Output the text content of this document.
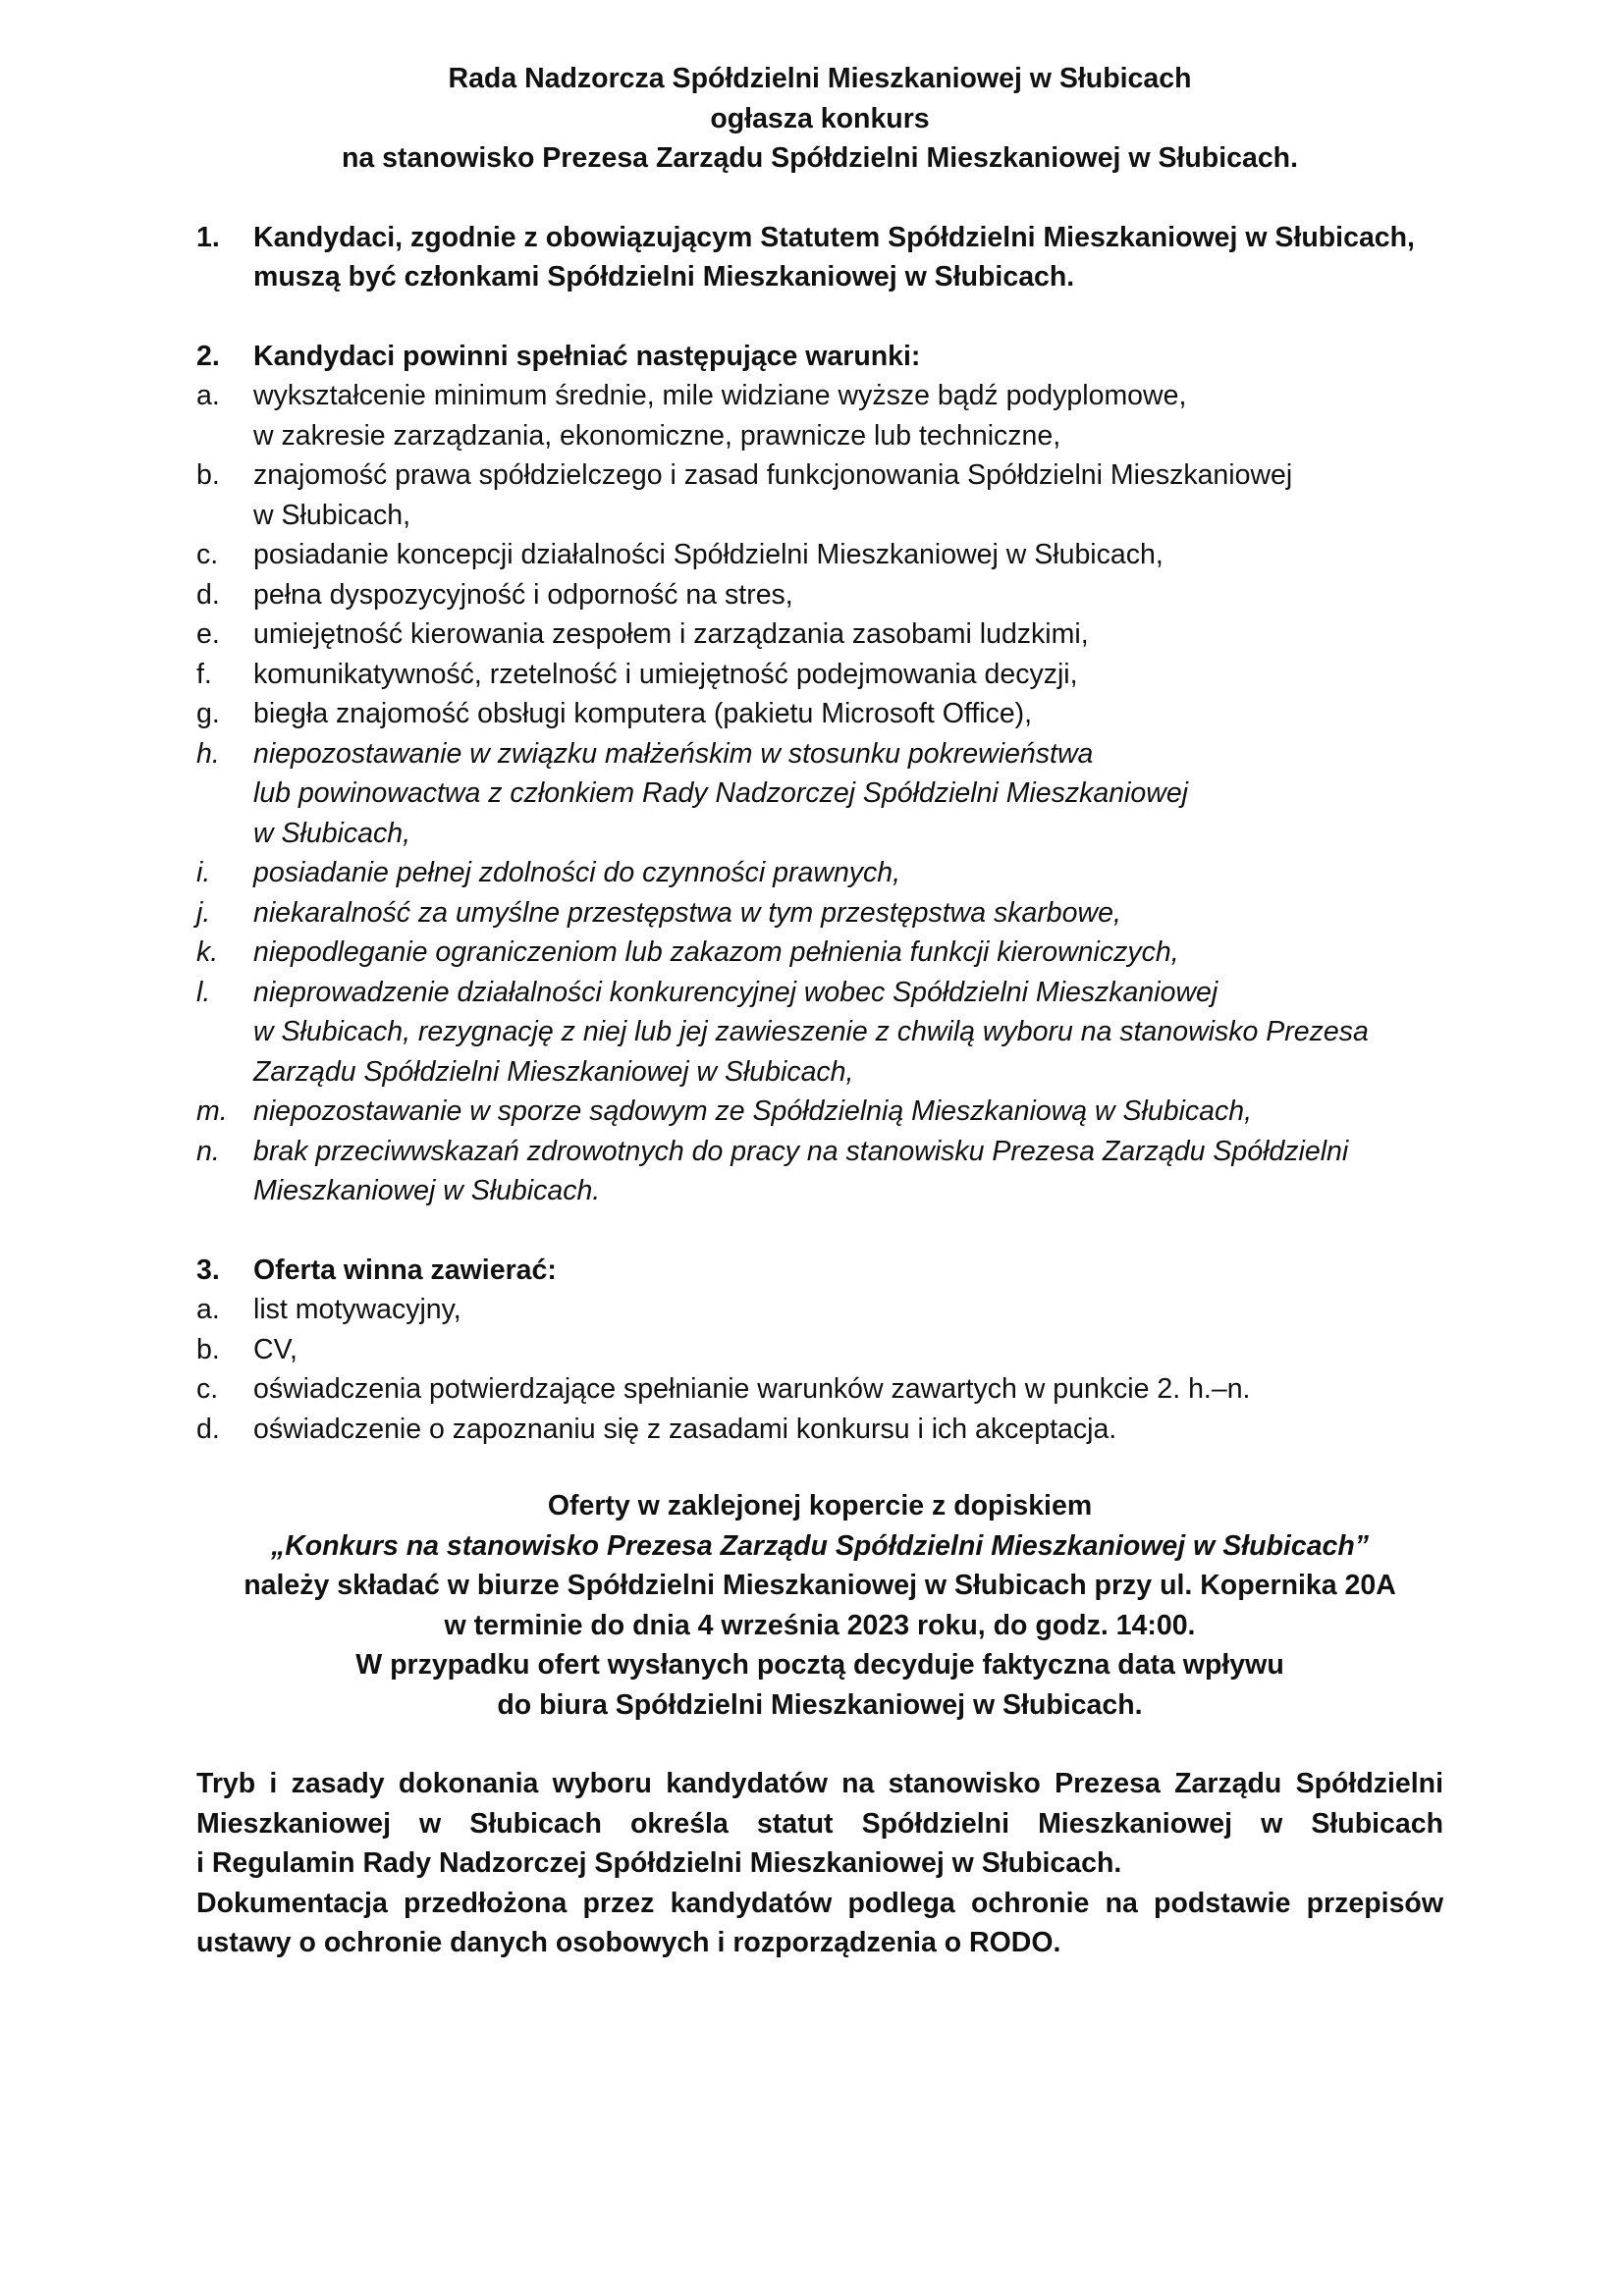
Rada Nadzorcza Spółdzielni Mieszkaniowej w Słubicach

ogłasza konkurs

na stanowisko Prezesa Zarządu Spółdzielni Mieszkaniowej w Słubicach.

1.	Kandydaci, zgodnie z obowiązującym Statutem Spółdzielni Mieszkaniowej w Słubicach,
muszą być członkami Spółdzielni Mieszkaniowej w Słubicach.
2.	Kandydaci powinni spełniać następujące warunki:
a.	wykształcenie minimum średnie, mile widziane wyższe bądź podyplomowe,
w zakresie zarządzania, ekonomiczne, prawnicze lub techniczne,
b.	znajomość prawa spółdzielczego i zasad funkcjonowania Spółdzielni Mieszkaniowej
w Słubicach,
c.	posiadanie koncepcji działalności Spółdzielni Mieszkaniowej w Słubicach,
d.	pełna dyspozycyjność i odporność na stres,
e.	umiejętność kierowania zespołem i zarządzania zasobami ludzkimi,
f.	komunikatywność, rzetelność i umiejętność podejmowania decyzji,
g.	biegła znajomość obsługi komputera (pakietu Microsoft Office),
h.	niepozostawanie w związku małżeńskim w stosunku pokrewieństwa
lub powinowactwa z członkiem Rady Nadzorczej Spółdzielni Mieszkaniowej
w Słubicach,
i.	posiadanie pełnej zdolności do czynności prawnych,
j.	niekaralność za umyślne przestępstwa w tym przestępstwa skarbowe,
k.	niepodleganie ograniczeniom lub zakazom pełnienia funkcji kierowniczych,
l.	nieprowadzenie działalności konkurencyjnej wobec Spółdzielni Mieszkaniowej
w Słubicach, rezygnację z niej lub jej zawieszenie z chwilą wyboru na stanowisko Prezesa
Zarządu Spółdzielni Mieszkaniowej w Słubicach,
m. niepozostawanie w sporze sądowym ze Spółdzielnią Mieszkaniową w Słubicach,
n.	brak przeciwwskazań zdrowotnych do pracy na stanowisku Prezesa Zarządu Spółdzielni
Mieszkaniowej w Słubicach.
3.	Oferta winna zawierać:
a.	list motywacyjny,
b.	CV,
c.	oświadczenia potwierdzające spełnianie warunków zawartych w punkcie 2. h.–n.
d.	oświadczenie o zapoznaniu się z zasadami konkursu i ich akceptacja.

Oferty w zaklejonej kopercie z dopiskiem

„Konkurs na stanowisko Prezesa Zarządu Spółdzielni Mieszkaniowej w Słubicach”

należy składać w biurze Spółdzielni Mieszkaniowej w Słubicach przy ul. Kopernika 20A

w terminie do dnia 4 września 2023 roku, do godz. 14:00.

W przypadku ofert wysłanych pocztą decyduje faktyczna data wpływu

do biura Spółdzielni Mieszkaniowej w Słubicach.

Tryb i zasady dokonania wyboru kandydatów na stanowisko Prezesa Zarządu Spółdzielni

Mieszkaniowej w Słubicach określa statut Spółdzielni Mieszkaniowej w Słubicach

i Regulamin Rady Nadzorczej Spółdzielni Mieszkaniowej w Słubicach.

Dokumentacja przedłożona przez kandydatów podlega ochronie na podstawie przepisów

ustawy o ochronie danych osobowych i rozporządzenia o RODO.
